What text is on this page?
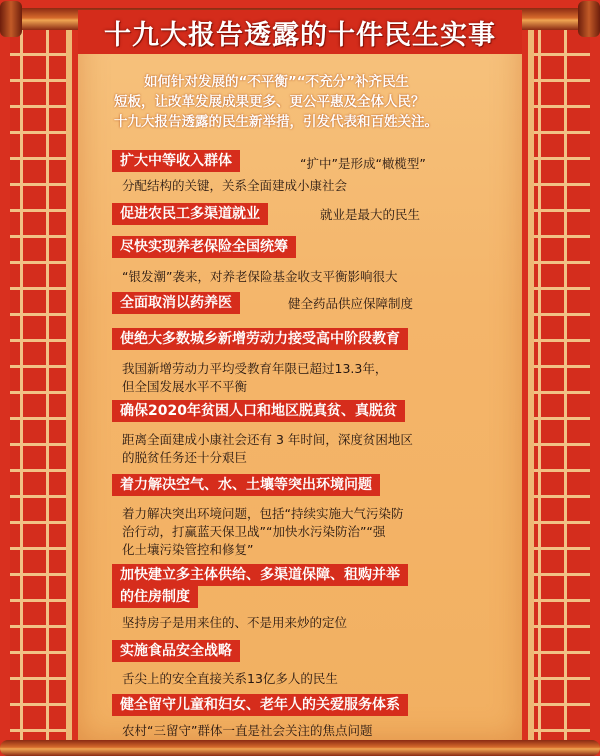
十九大报告透露的十件民生实事
如何针对发展的“不平衡”“不充分”补齐民生
短板，让改革发展成果更多、更公平惠及全体人民？
十九大报告透露的民生新举措，引发代表和百姓关注。
扩大中等收入群体	“扩中”是形成“橄榄型”
分配结构的关键，关系全面建成小康社会
促进农民工多渠道就业	就业是最大的民生
尽快实现养老保险全国统筹
“银发潮”袭来，对养老保险基金收支平衡影响很大
全面取消以药养医	健全药品供应保障制度
使绝大多数城乡新增劳动力接受高中阶段教育
我国新增劳动力平均受教育年限已超过13.3年，
但全国发展水平不平衡
确保2020年贫困人口和地区脱真贫、真脱贫
距离全面建成小康社会还有 3 年时间，深度贫困地区
的脱贫任务还十分艰巨
着力解决空气、水、土壤等突出环境问题
着力解决突出环境问题，包括“持续实施大气污染防
治行动，打赢蓝天保卫战”“加快水污染防治”“强
化土壤污染管控和修复”
加快建立多主体供给、多渠道保障、租购并举
的住房制度
坚持房子是用来住的、不是用来炒的定位
实施食品安全战略
舌尖上的安全直接关系13亿多人的民生
健全留守儿童和妇女、老年人的关爱服务体系
农村“三留守”群体一直是社会关注的焦点问题
